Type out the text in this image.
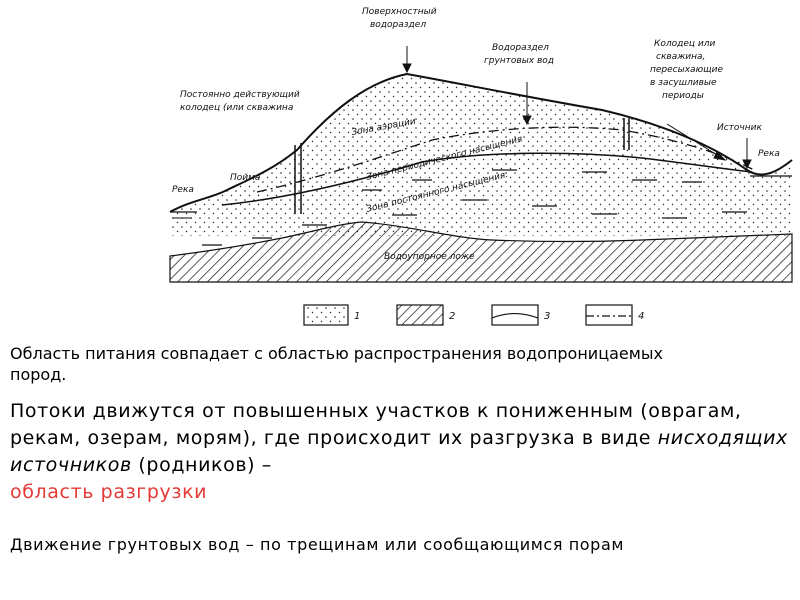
Поверхностный
водораздел
Водораздел
грунтовых вод
Колодец или
скважина,
пересыхающие
в засушливые
периоды
Постоянно действующий
колодец (или скважина
Зона аэрации
Зона периодического насыщения
Зона постоянного насыщения.
Источник
Река
Река
Пойма
Водоупорное ложе
1	2	3	4
Область питания совпадает с областью распространения водопроницаемых пород.
Потоки движутся от повышенных участков к пониженным (оврагам, рекам, озерам, морям), где происходит их разгрузка в виде нисходящих источников (родников) –
область разгрузки
Движение грунтовых вод – по трещинам или сообщающимся порам
